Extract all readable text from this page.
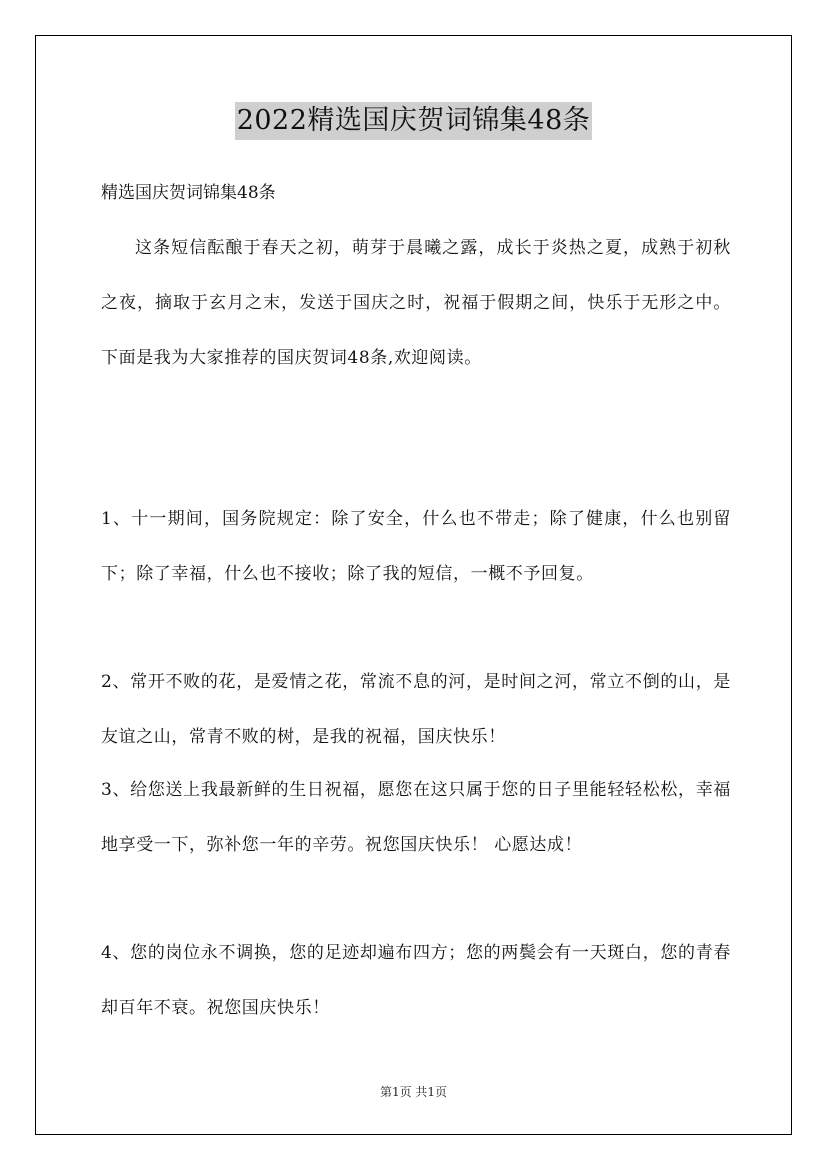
2022精选国庆贺词锦集48条

精选国庆贺词锦集48条

这条短信酝酿于春天之初，萌芽于晨曦之露，成长于炎热之夏，成熟于初秋之夜，摘取于玄月之末，发送于国庆之时，祝福于假期之间，快乐于无形之中。下面是我为大家推荐的国庆贺词48条,欢迎阅读。

1、十一期间，国务院规定：除了安全，什么也不带走；除了健康，什么也别留下；除了幸福，什么也不接收；除了我的短信，一概不予回复。

2、常开不败的花，是爱情之花，常流不息的河，是时间之河，常立不倒的山，是友谊之山，常青不败的树，是我的祝福，国庆快乐！

3、给您送上我最新鲜的生日祝福，愿您在这只属于您的日子里能轻轻松松，幸福地享受一下，弥补您一年的辛劳。祝您国庆快乐！ 心愿达成！

4、您的岗位永不调换，您的足迹却遍布四方；您的两鬓会有一天斑白，您的青春却百年不衰。祝您国庆快乐！

第1页 共1页
